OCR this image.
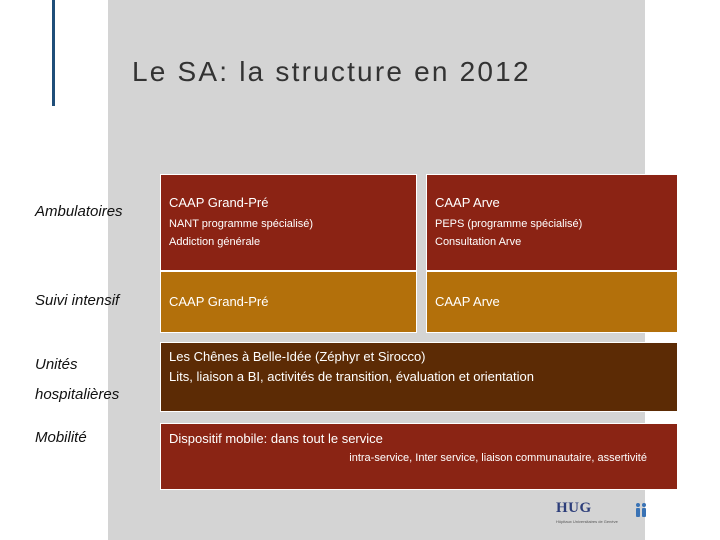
Le SA: la structure en 2012
Ambulatoires
Suivi intensif
Unités
hospitalières
Mobilité
CAAP Grand-Pré
NANT programme spécialisé)
Addiction générale
CAAP Arve
PEPS (programme spécialisé)
Consultation Arve
CAAP Grand-Pré	CAAP Arve
Les Chênes à Belle-Idée (Zéphyr et Sirocco)
Lits, liaison a BI, activités de transition, évaluation et orientation
Dispositif mobile: dans tout le service
intra-service, Inter service, liaison communautaire, assertivité
HUG
Hôpitaux Universitaires de Genève
